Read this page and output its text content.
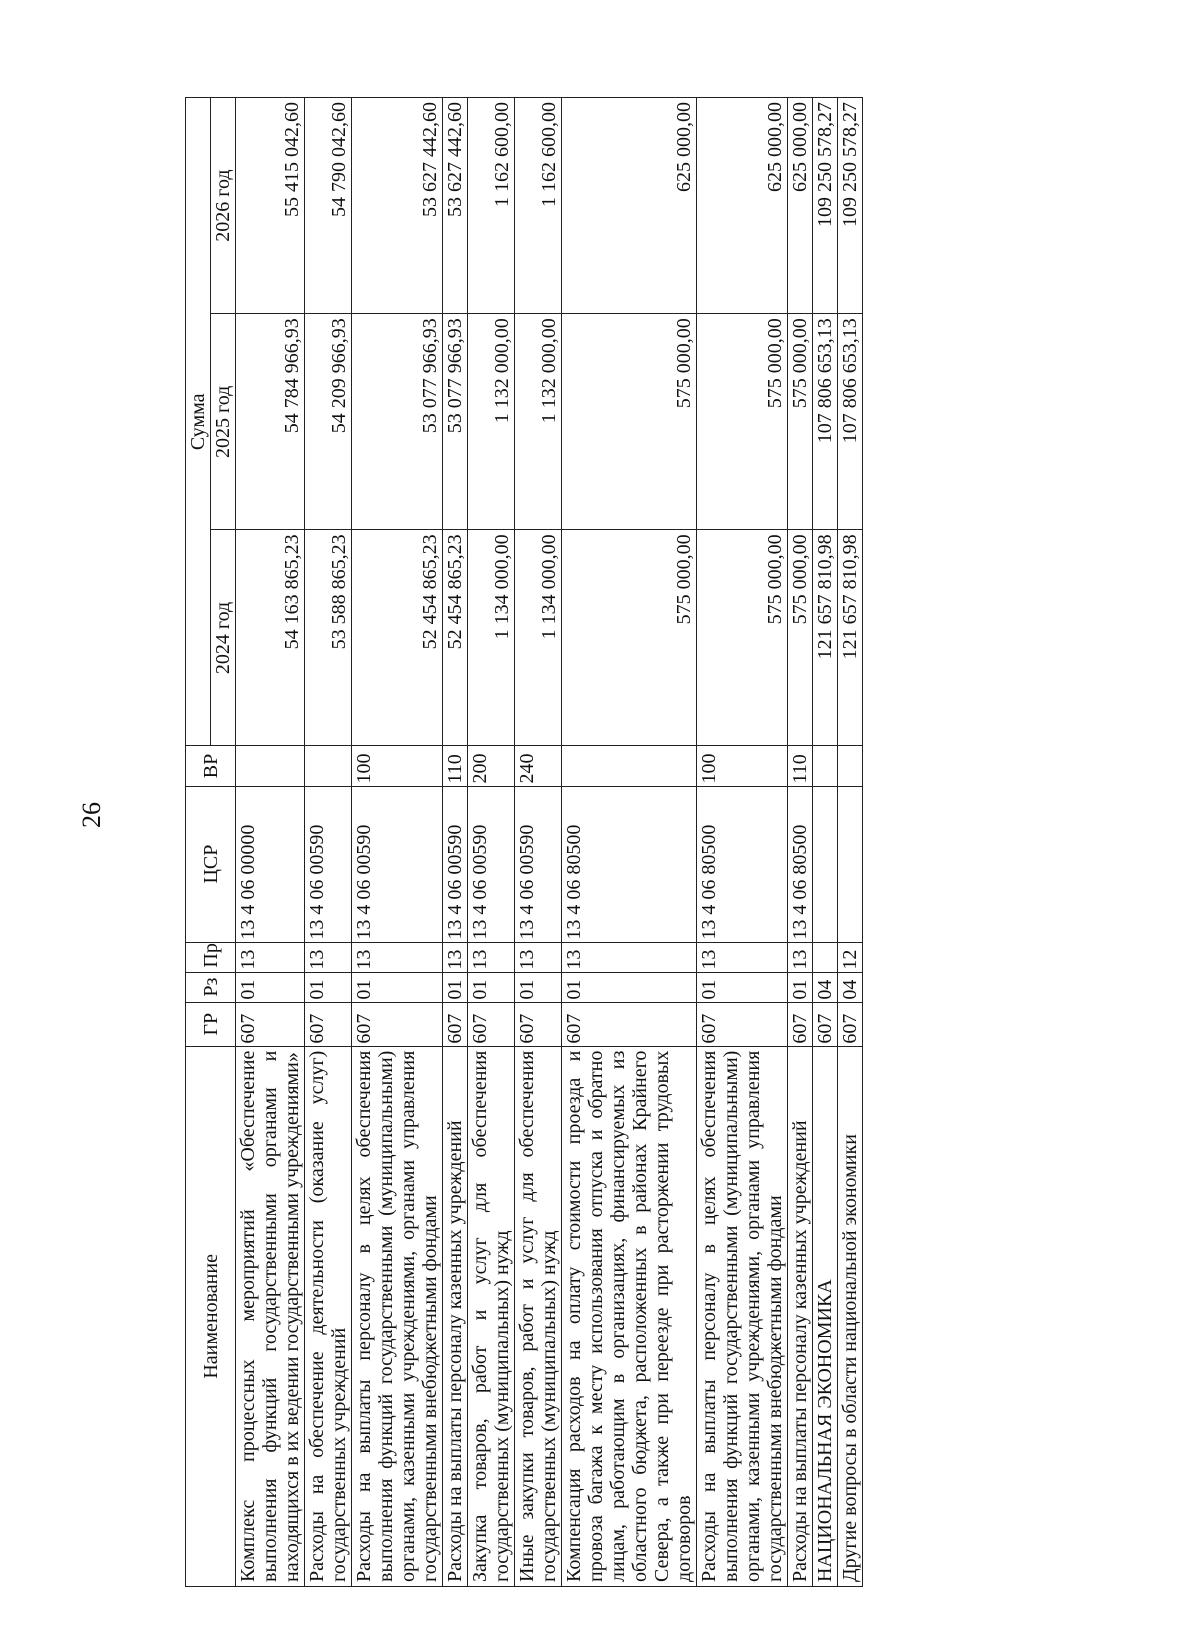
26
Наименование	ГР	Рз	Пр	ЦСР	ВР	Сумма		
						2024 год	2025 год	2026 год
Комплекс процессных мероприятий «Обеспечение выполнения функций государственными органами и находящихся в их ведении государственными учреждениями»	607	01	13	13 4 06 00000		54 163 865,23	54 784 966,93	55 415 042,60
Расходы на обеспечение деятельности (оказание услуг) государственных учреждений	607	01	13	13 4 06 00590		53 588 865,23	54 209 966,93	54 790 042,60
Расходы на выплаты персоналу в целях обеспечения выполнения функций государственными (муниципальными) органами, казенными учреждениями, органами управления государственными внебюджетными фондами	607	01	13	13 4 06 00590	100	52 454 865,23	53 077 966,93	53 627 442,60
Расходы на выплаты персоналу казенных учреждений	607	01	13	13 4 06 00590	110	52 454 865,23	53 077 966,93	53 627 442,60
Закупка товаров, работ и услуг для обеспечения государственных (муниципальных) нужд	607	01	13	13 4 06 00590	200	1 134 000,00	1 132 000,00	1 162 600,00
Иные закупки товаров, работ и услуг для обеспечения государственных (муниципальных) нужд	607	01	13	13 4 06 00590	240	1 134 000,00	1 132 000,00	1 162 600,00
Компенсация расходов на оплату стоимости проезда и провоза багажа к месту использования отпуска и обратно лицам, работающим в организациях, финансируемых из областного бюджета, расположенных в районах Крайнего Севера, а также при переезде при расторжении трудовых договоров	607	01	13	13 4 06 80500		575 000,00	575 000,00	625 000,00
Расходы на выплаты персоналу в целях обеспечения выполнения функций государственными (муниципальными) органами, казенными учреждениями, органами управления государственными внебюджетными фондами	607	01	13	13 4 06 80500	100	575 000,00	575 000,00	625 000,00
Расходы на выплаты персоналу казенных учреждений	607	01	13	13 4 06 80500	110	575 000,00	575 000,00	625 000,00
НАЦИОНАЛЬНАЯ ЭКОНОМИКА	607	04				121 657 810,98	107 806 653,13	109 250 578,27
Другие вопросы в области национальной экономики	607	04	12			121 657 810,98	107 806 653,13	109 250 578,27
